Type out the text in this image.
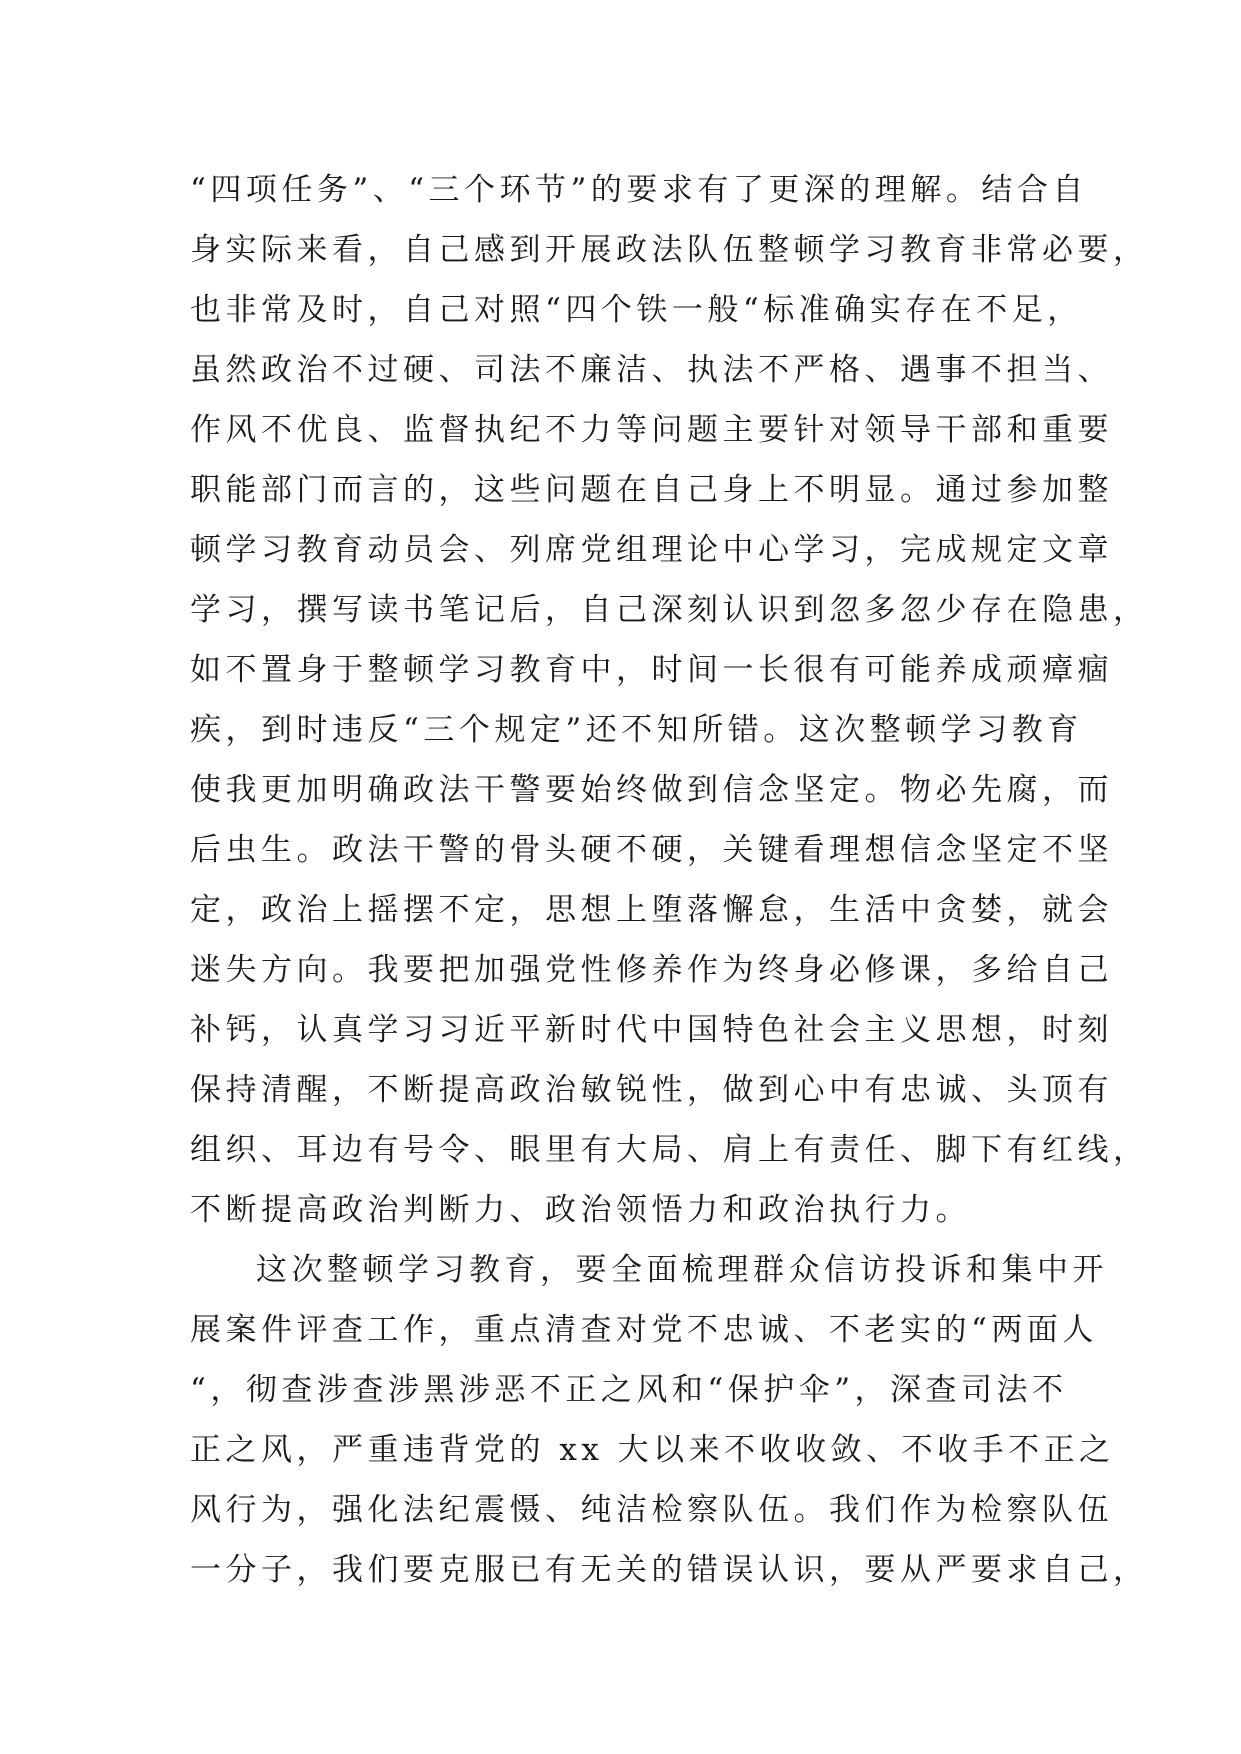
“四项任务”、“三个环节”的要求有了更深的理解。结合自
身实际来看，自己感到开展政法队伍整顿学习教育非常必要，
也非常及时，自己对照“四个铁一般“标准确实存在不足，
虽然政治不过硬、司法不廉洁、执法不严格、遇事不担当、
作风不优良、监督执纪不力等问题主要针对领导干部和重要
职能部门而言的，这些问题在自己身上不明显。通过参加整
顿学习教育动员会、列席党组理论中心学习，完成规定文章
学习，撰写读书笔记后，自己深刻认识到忽多忽少存在隐患，
如不置身于整顿学习教育中，时间一长很有可能养成顽瘴痼
疾，到时违反“三个规定”还不知所错。这次整顿学习教育
使我更加明确政法干警要始终做到信念坚定。物必先腐，而
后虫生。政法干警的骨头硬不硬，关键看理想信念坚定不坚
定，政治上摇摆不定，思想上堕落懈怠，生活中贪婪，就会
迷失方向。我要把加强党性修养作为终身必修课，多给自己
补钙，认真学习习近平新时代中国特色社会主义思想，时刻
保持清醒，不断提高政治敏锐性，做到心中有忠诚、头顶有
组织、耳边有号令、眼里有大局、肩上有责任、脚下有红线，
不断提高政治判断力、政治领悟力和政治执行力。
这次整顿学习教育，要全面梳理群众信访投诉和集中开
展案件评查工作，重点清查对党不忠诚、不老实的“两面人
“，彻查涉查涉黑涉恶不正之风和“保护伞”，深查司法不
正之风，严重违背党的 xx 大以来不收收敛、不收手不正之
风行为，强化法纪震慑、纯洁检察队伍。我们作为检察队伍
一分子，我们要克服已有无关的错误认识，要从严要求自己，
